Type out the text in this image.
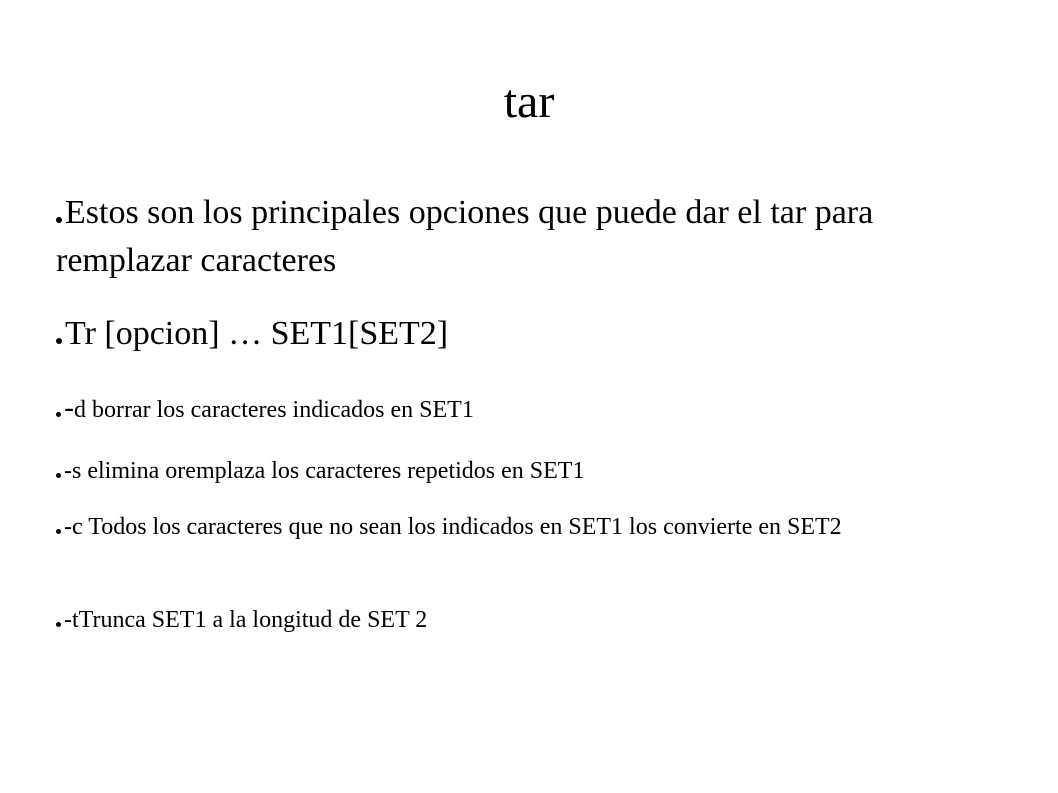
tar
Estos son los principales opciones que puede dar el tar para remplazar caracteres
Tr [opcion] … SET1[SET2]
-d borrar los caracteres indicados en SET1
-s elimina oremplaza los caracteres repetidos en SET1
-c Todos los caracteres que no sean los indicados en SET1 los convierte en SET2
-tTrunca SET1 a la longitud de SET 2
